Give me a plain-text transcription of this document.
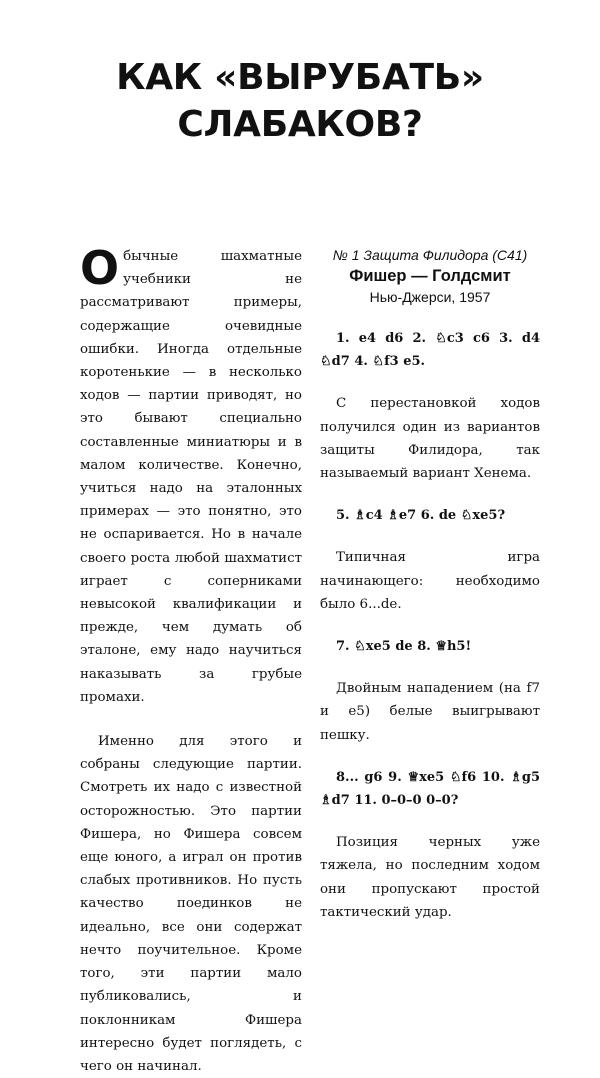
КАК «ВЫРУБАТЬ»
СЛАБАКОВ?

Обычные шахматные учебники не рассматривают примеры, содержащие очевидные ошибки. Иногда отдельные коротенькие — в несколько ходов — партии приводят, но это бывают специально составленные миниатюры и в малом количестве. Конечно, учиться надо на эталонных примерах — это понятно, это не оспаривается. Но в начале своего роста любой шахматист играет с соперниками невысокой квалификации и прежде, чем думать об эталоне, ему надо научиться наказывать за грубые промахи.

Именно для этого и собраны следующие партии. Смотреть их надо с известной осторожностью. Это партии Фишера, но Фишера совсем еще юного, а играл он против слабых противников. Но пусть качество поединков не идеально, все они содержат нечто поучительное. Кроме того, эти партии мало публиковались, и поклонникам Фишера интересно будет поглядеть, с чего он начинал.

№ 1 Защита Филидора (С41)
Фишер — Голдсмит
Нью-Джерси, 1957

1. e4 d6 2. ♘c3 c6 3. d4 ♘d7 4. ♘f3 e5.

С перестановкой ходов получился один из вариантов защиты Филидора, так называемый вариант Хенема.

5. ♗c4 ♗e7 6. de ♘xe5?

Типичная игра начинающего: необходимо было 6...de.

7. ♘xe5 de 8. ♕h5!

Двойным нападением (на f7 и e5) белые выигрывают пешку.

8... g6 9. ♕xe5 ♘f6 10. ♗g5 ♗d7 11. 0–0–0 0–0?

Позиция черных уже тяжела, но последним ходом они пропускают простой тактический удар.
